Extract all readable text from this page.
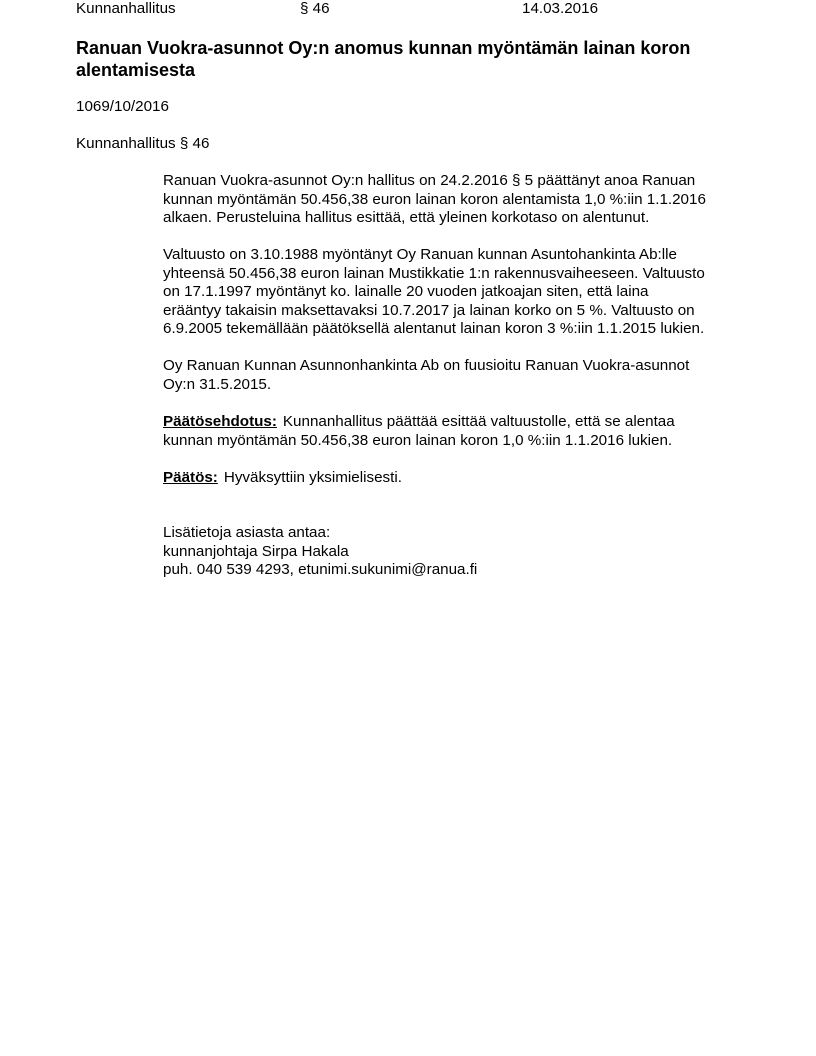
Kunnanhallitus	§ 46	14.03.2016
Ranuan Vuokra-asunnot Oy:n anomus kunnan myöntämän lainan koron alentamisesta
1069/10/2016
Kunnanhallitus § 46
Ranuan Vuokra-asunnot Oy:n hallitus on 24.2.2016 § 5 päättänyt anoa Ranuan
kunnan myöntämän 50.456,38 euron lainan koron alentamista 1,0 %:iin 1.1.2016
alkaen. Perusteluina hallitus esittää, että yleinen korkotaso on alentunut.
Valtuusto on 3.10.1988 myöntänyt Oy Ranuan kunnan Asuntohankinta Ab:lle
yhteensä 50.456,38 euron lainan Mustikkatie 1:n rakennusvaiheeseen. Valtuusto
on 17.1.1997 myöntänyt ko. lainalle 20 vuoden jatkoajan siten, että laina
erääntyy takaisin maksettavaksi 10.7.2017 ja lainan korko on 5 %. Valtuusto on
6.9.2005 tekemällään päätöksellä alentanut lainan koron 3 %:iin 1.1.2015 lukien.
Oy Ranuan Kunnan Asunnonhankinta Ab on fuusioitu Ranuan Vuokra-asunnot
Oy:n 31.5.2015.
Päätösehdotus: Kunnanhallitus päättää esittää valtuustolle, että se alentaa
kunnan myöntämän 50.456,38 euron lainan koron 1,0 %:iin 1.1.2016 lukien.
Päätös: Hyväksyttiin yksimielisesti.
Lisätietoja asiasta antaa:
kunnanjohtaja Sirpa Hakala
puh. 040 539 4293, etunimi.sukunimi@ranua.fi
